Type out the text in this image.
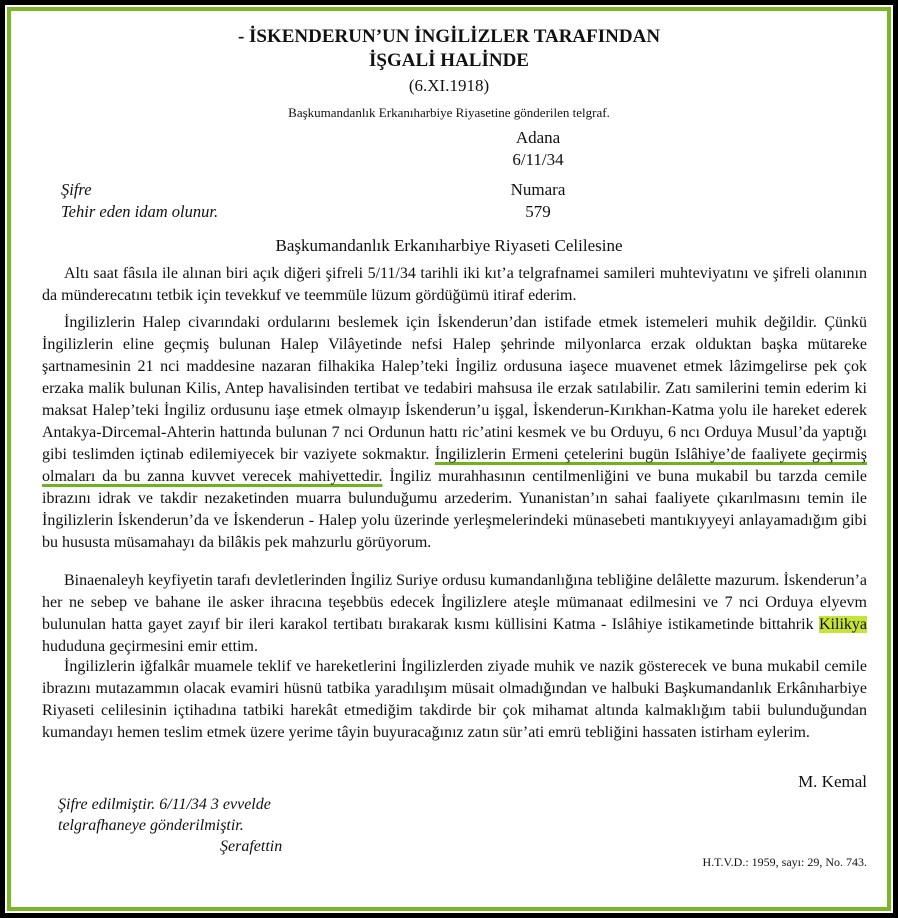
- İSKENDERUN’UN İNGİLİZLER TARAFINDAN
İŞGALİ HALİNDE
(6.XI.1918)
Başkumandanlık Erkanıharbiye Riyasetine gönderilen telgraf.
Adana
6/11/34
Şifre
Tehir eden idam olunur.
Numara
579
Başkumandanlık Erkanıharbiye Riyaseti Celilesine
Altı saat fâsıla ile alınan biri açık diğeri şifreli 5/11/34 tarihli iki kıt’a telgrafnamei samileri muhteviyatını ve şifreli olanının da münderecatını tetbik için tevekkuf ve teemmüle lüzum gördüğümü itiraf ederim.
İngilizlerin Halep civarındaki ordularını beslemek için İskenderun’dan istifade etmek istemeleri muhik değildir. Çünkü İngilizlerin eline geçmiş bulunan Halep Vilâyetinde nefsi Halep şehrinde milyonlarca erzak olduktan başka mütareke şartnamesinin 21 nci maddesine nazaran filhakika Halep’teki İngiliz ordusuna iaşece muavenet etmek lâzimgelirse pek çok erzaka malik bulunan Kilis, Antep havalisinden tertibat ve tedabiri mahsusa ile erzak satılabilir. Zatı samilerini temin ederim ki maksat Halep’teki İngiliz ordusunu iaşe etmek olmayıp İskenderun’u işgal, İskenderun-Kırıkhan-Katma yolu ile hareket ederek Antakya-Dircemal-Ahterin hattında bulunan 7 nci Ordunun hattı ric’atini kesmek ve bu Orduyu, 6 ncı Orduya Musul’da yaptığı gibi teslimden içtinab edilemiyecek bir vaziyete sokmaktır. İngilizlerin Ermeni çetelerini bugün Islâhiye’de faaliyete geçirmiş olmaları da bu zanna kuvvet verecek mahiyettedir. İngiliz murahhasının centilmenliğini ve buna mukabil bu tarzda cemile ibrazını idrak ve takdir nezaketinden muarra bulunduğumu arzederim. Yunanistan’ın sahai faaliyete çıkarılmasını temin ile İngilizlerin İskenderun’da ve İskenderun - Halep yolu üzerinde yerleşmelerindeki münasebeti mantıkıyyeyi anlayamadığım gibi bu hususta müsamahayı da bilâkis pek mahzurlu görüyorum.
Binaenaleyh keyfiyetin tarafı devletlerinden İngiliz Suriye ordusu kumandanlığına tebliğine delâlette mazurum. İskenderun’a her ne sebep ve bahane ile asker ihracına teşebbüs edecek İngilizlere ateşle mümanaat edilmesini ve 7 nci Orduya elyevm bulunulan hatta gayet zayıf bir ileri karakol tertibatı bırakarak kısmı küllisini Katma - Islâhiye istikametinde bittahrik Kilikya hududuna geçirmesini emir ettim.
İngilizlerin iğfalkâr muamele teklif ve hareketlerini İngilizlerden ziyade muhik ve nazik gösterecek ve buna mukabil cemile ibrazını mutazammın olacak evamiri hüsnü tatbika yaradılışım müsait olmadığından ve halbuki Başkumandanlık Erkânıharbiye Riyaseti celilesinin içtihadına tatbiki harekât etmediğim takdirde bir çok mihamat altında kalmaklığım tabii bulunduğundan kumandayı hemen teslim etmek üzere yerime tâyin buyuracağınız zatın sür’ati emrü tebliğini hassaten istirham eylerim.
M. Kemal
Şifre edilmiştir. 6/11/34 3 evvelde
telgrafhaneye gönderilmiştir.
Şerafettin
H.T.V.D.: 1959, sayı: 29, No. 743.
